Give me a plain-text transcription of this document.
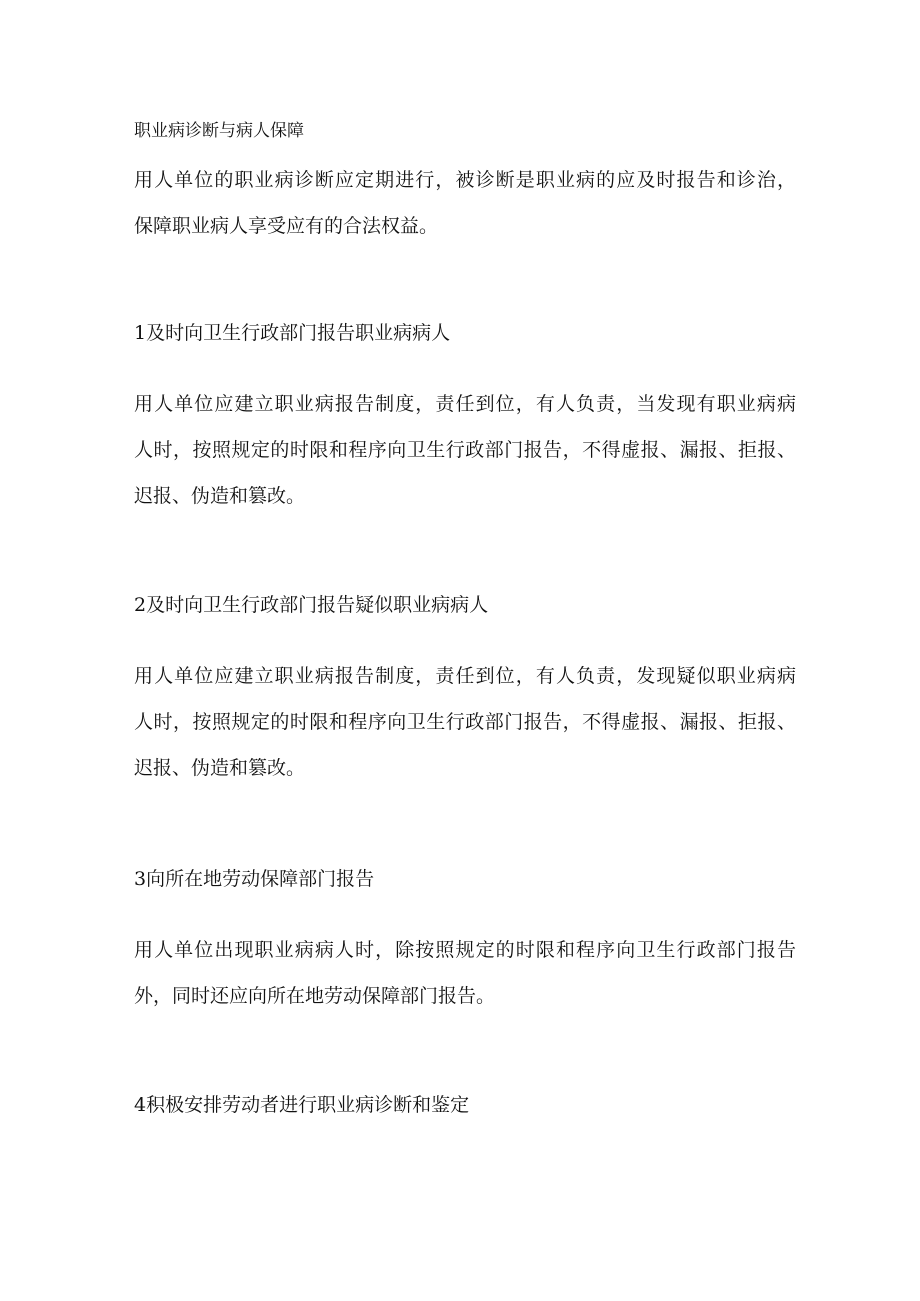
职业病诊断与病人保障

用人单位的职业病诊断应定期进行，被诊断是职业病的应及时报告和诊治，
保障职业病人享受应有的合法权益。

1及时向卫生行政部门报告职业病病人

用人单位应建立职业病报告制度，责任到位，有人负责，当发现有职业病病
人时，按照规定的时限和程序向卫生行政部门报告，不得虚报、漏报、拒报、
迟报、伪造和篡改。

2及时向卫生行政部门报告疑似职业病病人

用人单位应建立职业病报告制度，责任到位，有人负责，发现疑似职业病病
人时，按照规定的时限和程序向卫生行政部门报告，不得虚报、漏报、拒报、
迟报、伪造和篡改。

3向所在地劳动保障部门报告

用人单位出现职业病病人时，除按照规定的时限和程序向卫生行政部门报告
外，同时还应向所在地劳动保障部门报告。

4积极安排劳动者进行职业病诊断和鉴定
